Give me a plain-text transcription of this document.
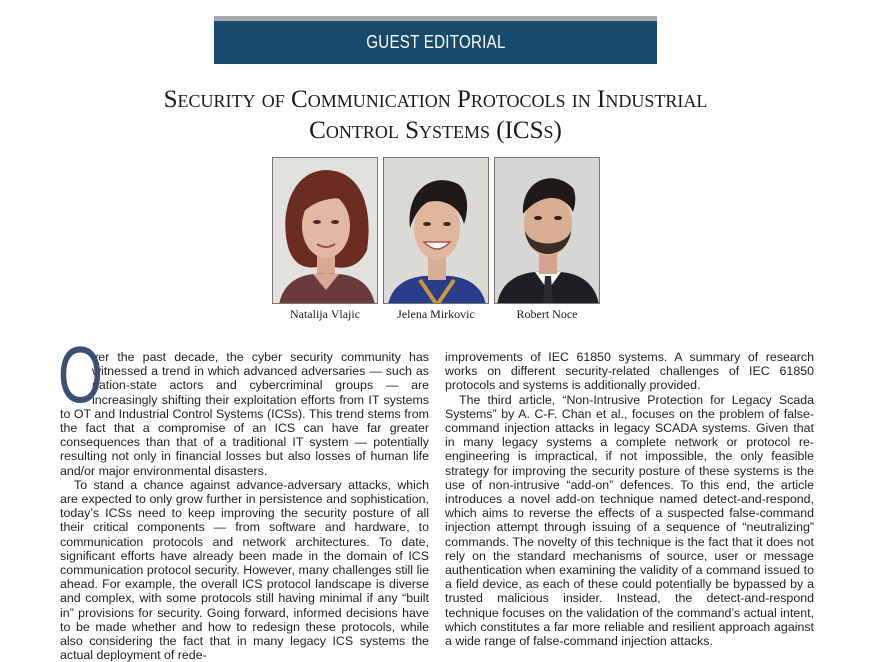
GUEST EDITORIAL
Security of Communication Protocols in Industrial
Control Systems (ICSs)
Natalija Vlajic	Jelena Mirkovic	Robert Noce

O
ver the past decade, the cyber security community has witnessed a trend in which advanced adversaries — such as nation-state actors and cybercriminal groups — are increasingly shifting their exploitation efforts from IT systems to OT and Industrial Control Systems (ICSs). This trend stems from the fact that a compromise of an ICS can have far greater consequences than that of a traditional IT system — potentially resulting not only in financial losses but also losses of human life and/or major environmental disasters.

To stand a chance against advance-adversary attacks, which are expected to only grow further in persistence and sophistication, today’s ICSs need to keep improving the security posture of all their critical components — from software and hardware, to communication protocols and network architectures. To date, significant efforts have already been made in the domain of ICS communication protocol security. However, many challenges still lie ahead. For example, the overall ICS protocol landscape is diverse and complex, with some protocols still having minimal if any “built in” provisions for security. Going forward, informed decisions have to be made whether and how to redesign these protocols, while also considering the fact that in many legacy ICS systems the actual deployment of rede-

improvements of IEC 61850 systems. A summary of research works on different security-related challenges of IEC 61850 protocols and systems is additionally provided.

The third article, “Non-Intrusive Protection for Legacy Scada Systems” by A. C-F. Chan et al., focuses on the problem of false-command injection attacks in legacy SCADA systems. Given that in many legacy systems a complete network or protocol re-engineering is impractical, if not impossible, the only feasible strategy for improving the security posture of these systems is the use of non-intrusive “add-on” defences. To this end, the article introduces a novel add-on technique named detect-and-respond, which aims to reverse the effects of a suspected false-command injection attempt through issuing of a sequence of “neutralizing” commands. The novelty of this technique is the fact that it does not rely on the standard mechanisms of source, user or message authentication when examining the validity of a command issued to a field device, as each of these could potentially be bypassed by a trusted malicious insider. Instead, the detect-and-respond technique focuses on the validation of the command’s actual intent, which constitutes a far more reliable and resilient approach against a wide range of false-command injection attacks.
